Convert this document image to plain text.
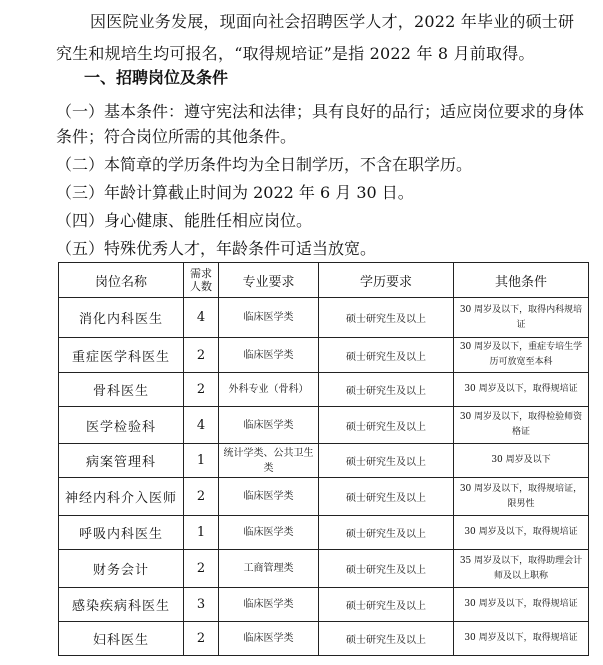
因医院业务发展，现面向社会招聘医学人才，2022 年毕业的硕士研究生和规培生均可报名，“取得规培证”是指 2022 年 8 月前取得。
一、招聘岗位及条件
（一）基本条件：遵守宪法和法律；具有良好的品行；适应岗位要求的身体条件；符合岗位所需的其他条件。
（二）本简章的学历条件均为全日制学历，不含在职学历。
（三）年龄计算截止时间为 2022 年 6 月 30 日。
（四）身心健康、能胜任相应岗位。
（五）特殊优秀人才，年龄条件可适当放宽。
岗位名称	需求人数	专业要求	学历要求	其他条件
消化内科医生	4	临床医学类	硕士研究生及以上	30 周岁及以下，取得内科规培证
重症医学科医生	2	临床医学类	硕士研究生及以上	30 周岁及以下，重症专培生学历可放宽至本科
骨科医生	2	外科专业（骨科）	硕士研究生及以上	30 周岁及以下，取得规培证
医学检验科	4	临床医学类	硕士研究生及以上	30 周岁及以下，取得检验师资格证
病案管理科	1	统计学类、公共卫生类	硕士研究生及以上	30 周岁及以下
神经内科介入医师	2	临床医学类	硕士研究生及以上	30 周岁及以下，取得规培证，限男性
呼吸内科医生	1	临床医学类	硕士研究生及以上	30 周岁及以下，取得规培证
财务会计	2	工商管理类	硕士研究生及以上	35 周岁及以下，取得助理会计师及以上职称
感染疾病科医生	3	临床医学类	硕士研究生及以上	30 周岁及以下，取得规培证
妇科医生	2	临床医学类	硕士研究生及以上	30 周岁及以下，取得规培证
